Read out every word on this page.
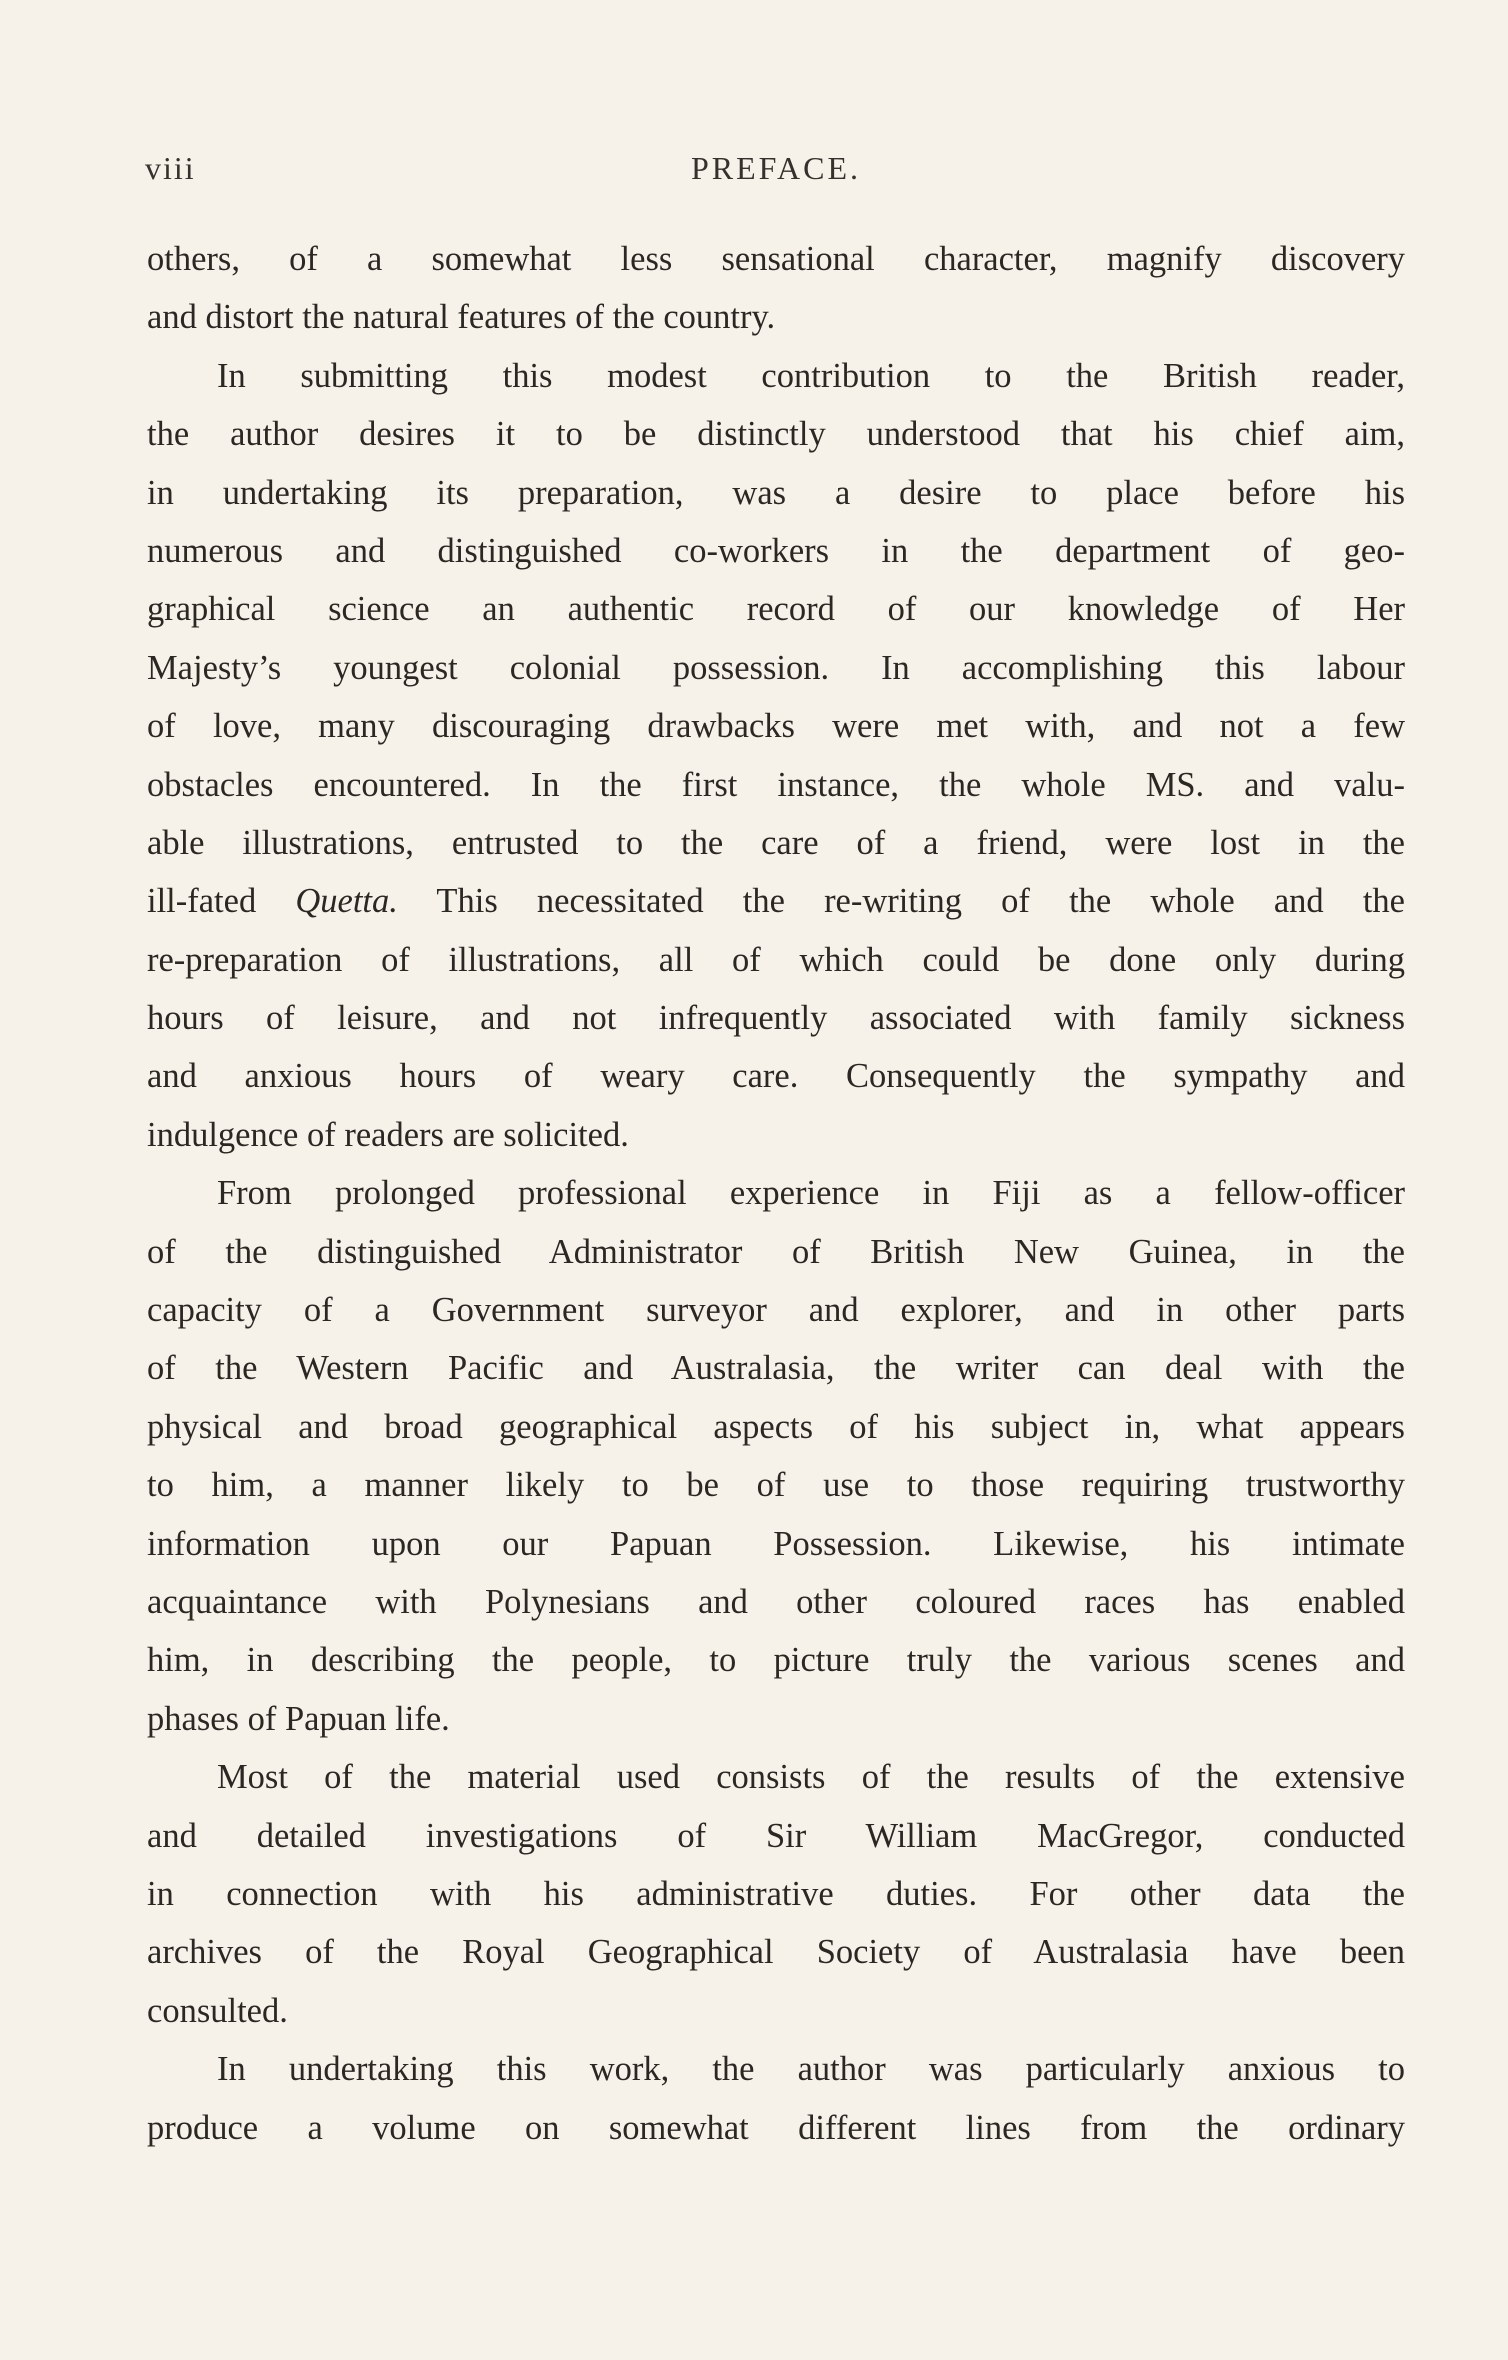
viii	PREFACE.
others, of a somewhat less sensational character, magnify discovery
and distort the natural features of the country.
In submitting this modest contribution to the British reader,
the author desires it to be distinctly understood that his chief aim,
in undertaking its preparation, was a desire to place before his
numerous and distinguished co-workers in the department of geo-
graphical science an authentic record of our knowledge of Her
Majesty’s youngest colonial possession. In accomplishing this labour
of love, many discouraging drawbacks were met with, and not a few
obstacles encountered. In the first instance, the whole MS. and valu-
able illustrations, entrusted to the care of a friend, were lost in the
ill-fated Quetta. This necessitated the re-writing of the whole and the
re-preparation of illustrations, all of which could be done only during
hours of leisure, and not infrequently associated with family sickness
and anxious hours of weary care. Consequently the sympathy and
indulgence of readers are solicited.
From prolonged professional experience in Fiji as a fellow-officer
of the distinguished Administrator of British New Guinea, in the
capacity of a Government surveyor and explorer, and in other parts
of the Western Pacific and Australasia, the writer can deal with the
physical and broad geographical aspects of his subject in, what appears
to him, a manner likely to be of use to those requiring trustworthy
information upon our Papuan Possession. Likewise, his intimate
acquaintance with Polynesians and other coloured races has enabled
him, in describing the people, to picture truly the various scenes and
phases of Papuan life.
Most of the material used consists of the results of the extensive
and detailed investigations of Sir William MacGregor, conducted
in connection with his administrative duties. For other data the
archives of the Royal Geographical Society of Australasia have been
consulted.
In undertaking this work, the author was particularly anxious to
produce a volume on somewhat different lines from the ordinary
